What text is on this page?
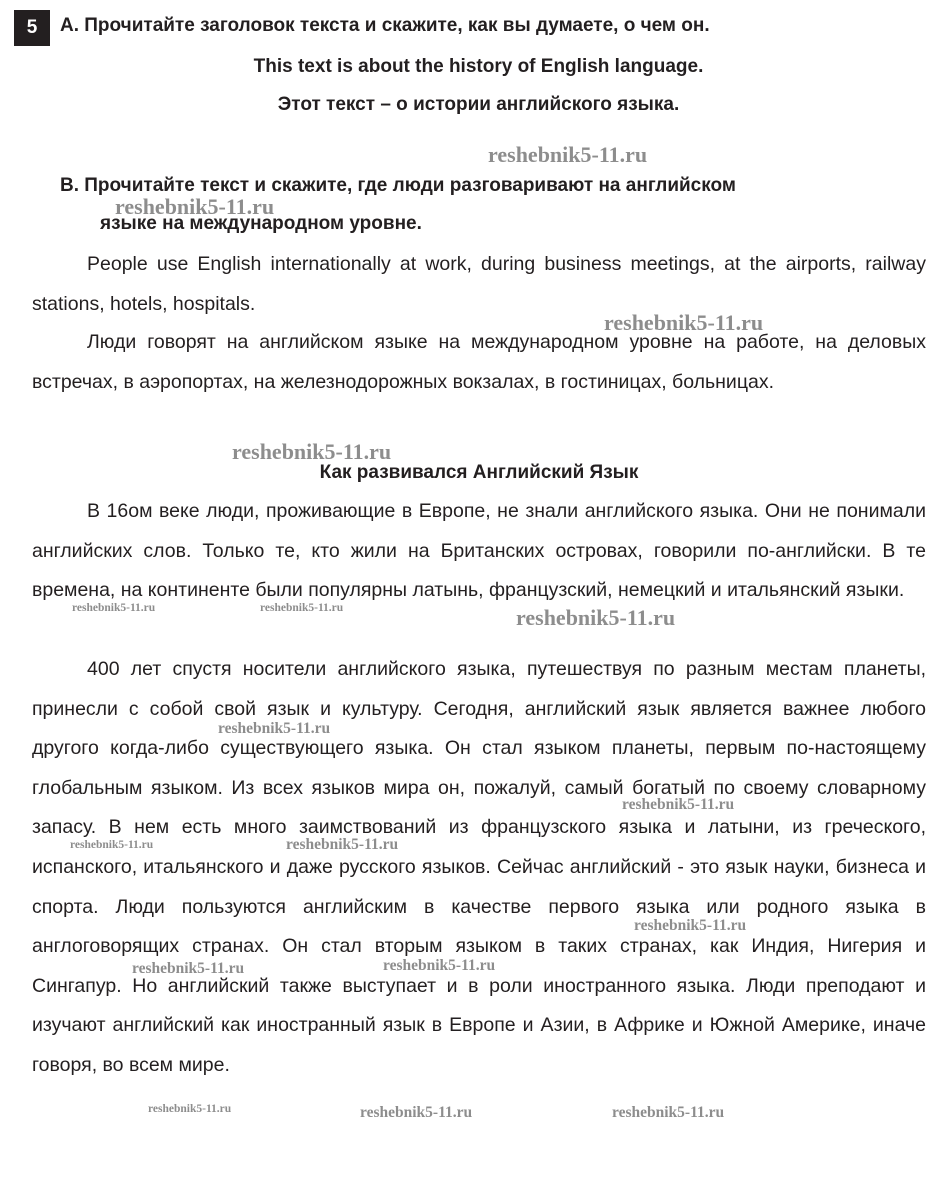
5	A. Прочитайте заголовок текста и скажите, как вы думаете, о чем он.
This text is about the history of English language.
Этот текст – о истории английского языка.
B. Прочитайте текст и скажите, где люди разговаривают на английском
языке на международном уровне.

People use English internationally at work, during business meetings, at the airports, railway stations, hotels, hospitals.

Люди говорят на английском языке на международном уровне на работе, на деловых встречах, в аэропортах, на железнодорожных вокзалах, в гостиницах, больницах.

Как развивался Английский Язык

В 16ом веке люди, проживающие в Европе, не знали английского языка. Они не понимали английских слов. Только те, кто жили на Британских островах, говорили по-английски. В те времена, на континенте были популярны латынь, французский, немецкий и итальянский языки.

400 лет спустя носители английского языка, путешествуя по разным местам планеты, принесли с собой свой язык и культуру. Сегодня, английский язык является важнее любого другого когда-либо существующего языка. Он стал языком планеты, первым по-настоящему глобальным языком. Из всех языков мира он, пожалуй, самый богатый по своему словарному запасу. В нем есть много заимствований из французского языка и латыни, из греческого, испанского, итальянского и даже русского языков. Сейчас английский - это язык науки, бизнеса и спорта. Люди пользуются английским в качестве первого языка или родного языка в англоговорящих странах. Он стал вторым языком в таких странах, как Индия, Нигерия и Сингапур. Но английский также выступает и в роли иностранного языка. Люди преподают и изучают английский как иностранный язык в Европе и Азии, в Африке и Южной Америке, иначе говоря, во всем мире.

reshebnik5-11.ru
reshebnik5-11.ru
reshebnik5-11.ru
reshebnik5-11.ru
reshebnik5-11.ru	reshebnik5-11.ru	reshebnik5-11.ru
reshebnik5-11.ru
reshebnik5-11.ru
reshebnik5-11.ru	reshebnik5-11.ru
reshebnik5-11.ru
reshebnik5-11.ru	reshebnik5-11.ru
reshebnik5-11.ru	reshebnik5-11.ru	reshebnik5-11.ru
